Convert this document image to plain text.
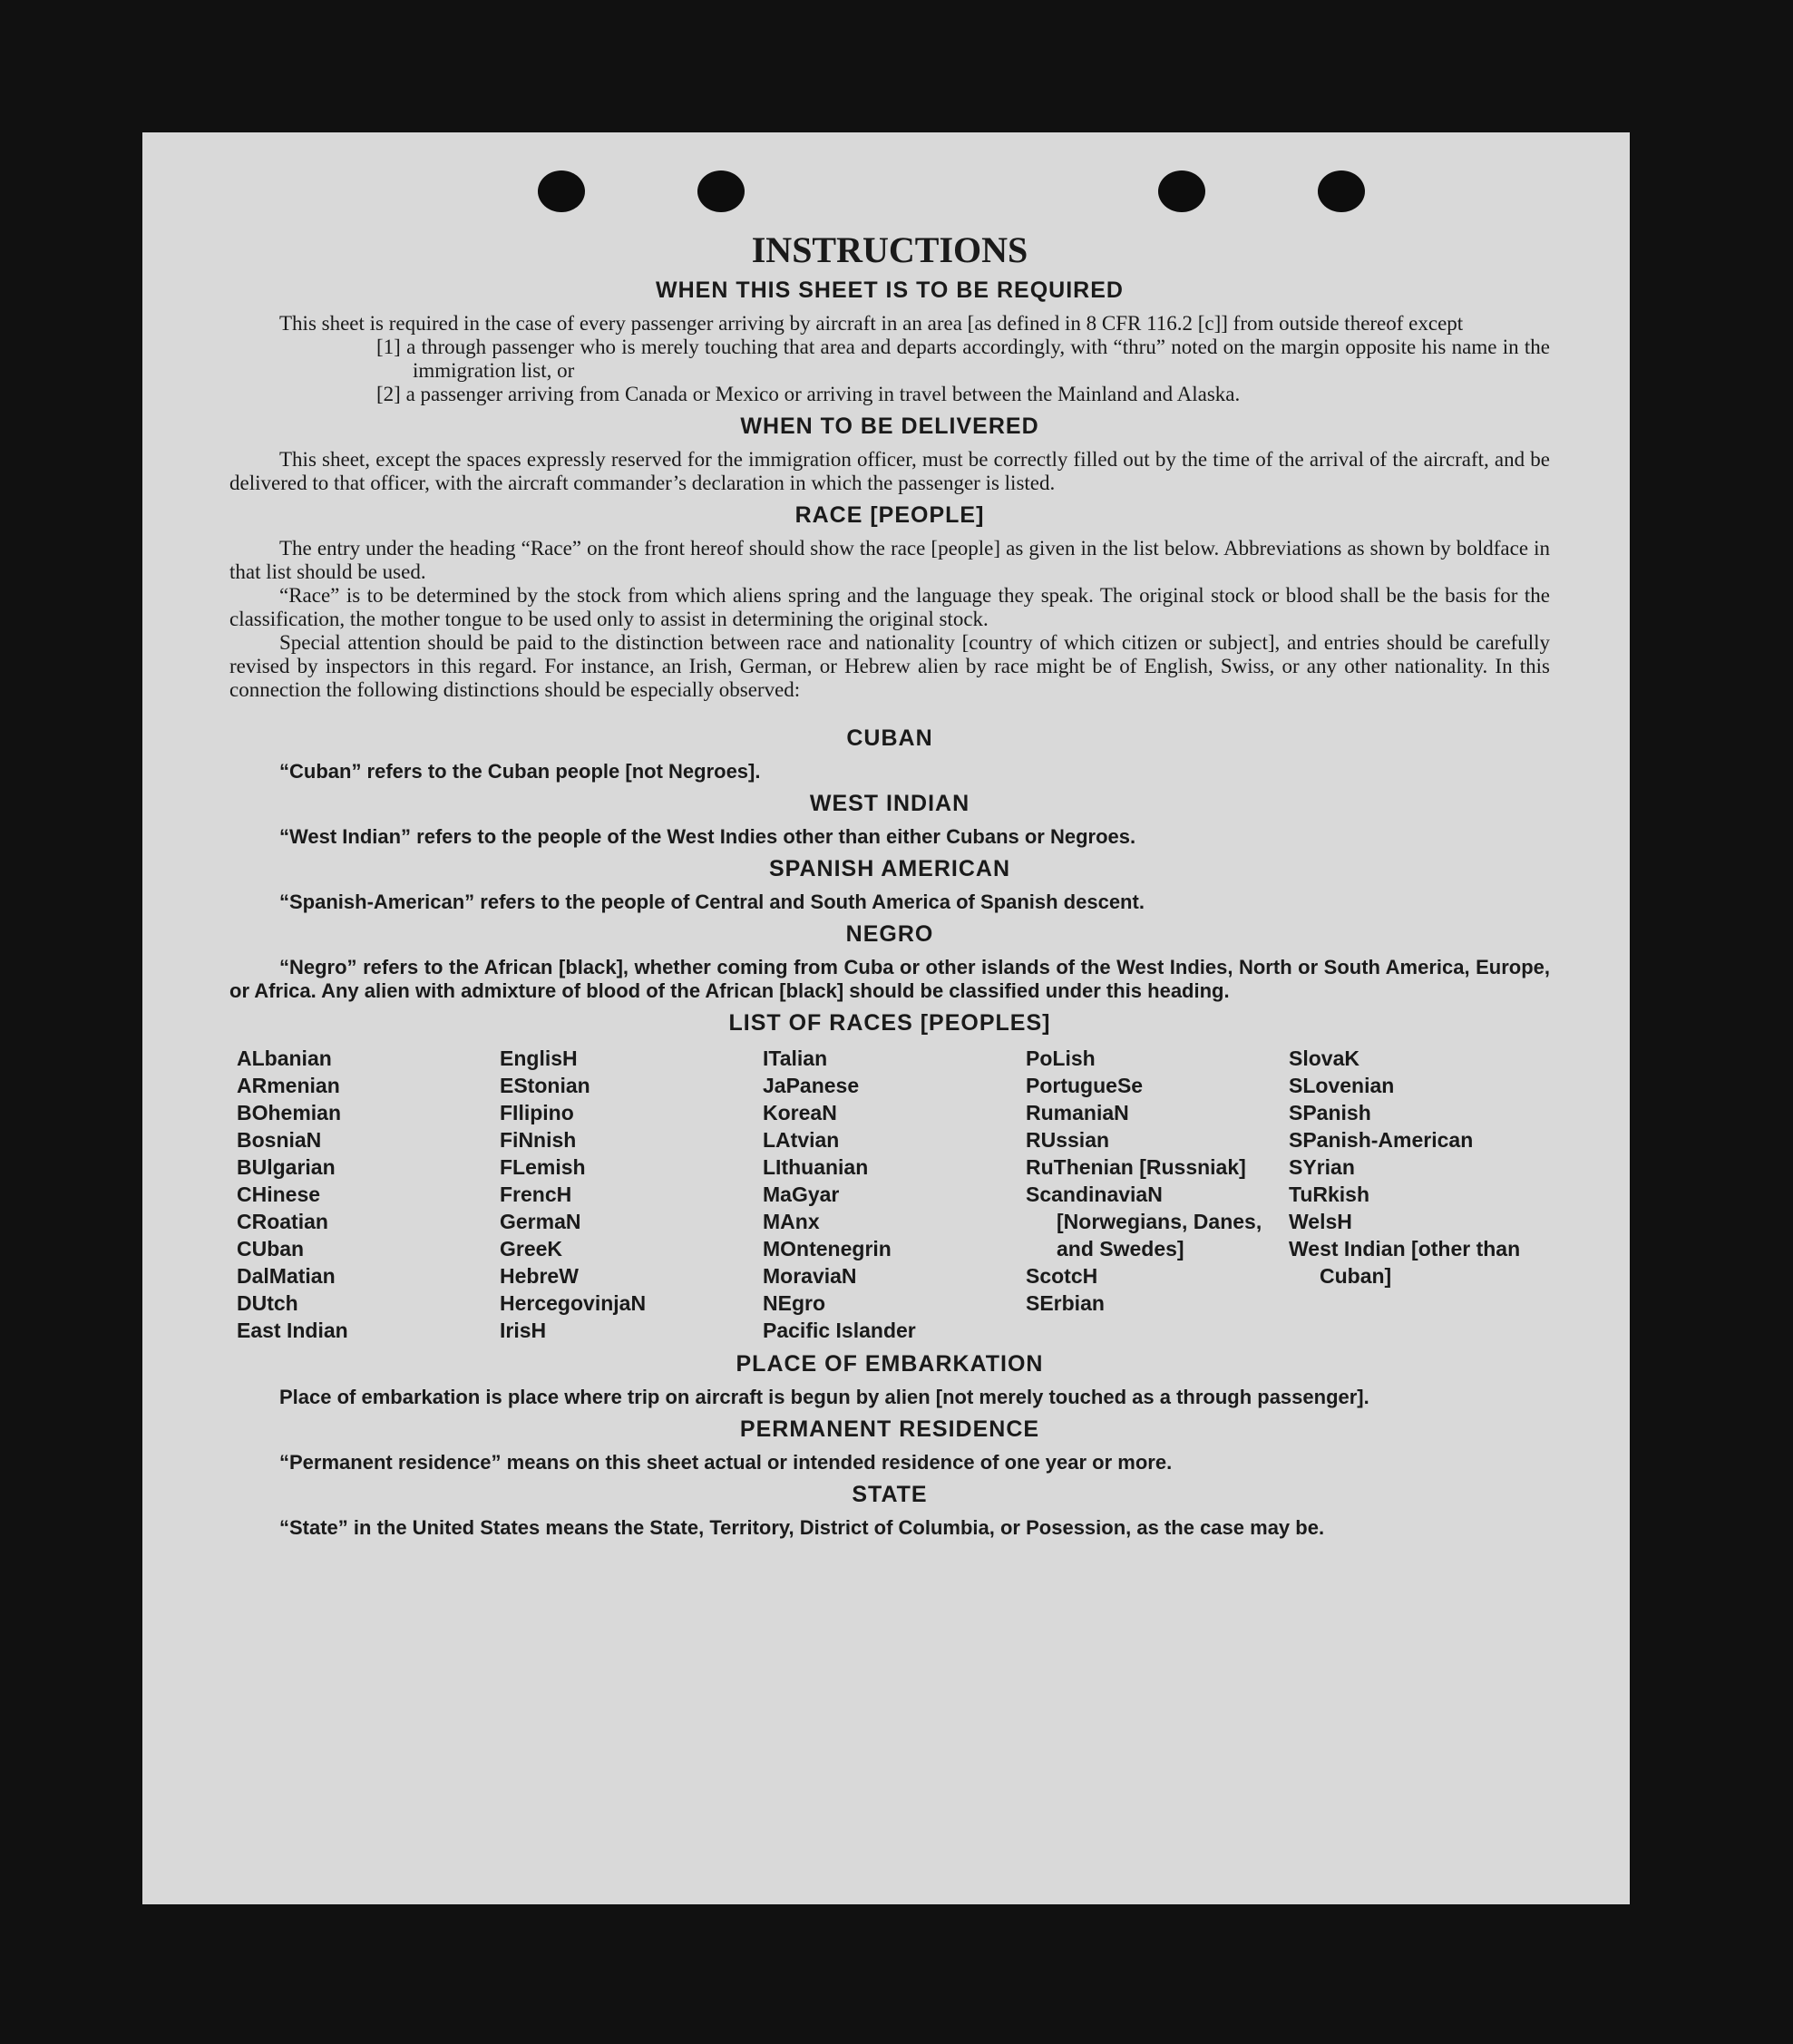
INSTRUCTIONS
WHEN THIS SHEET IS TO BE REQUIRED

This sheet is required in the case of every passenger arriving by aircraft in an area [as defined in 8 CFR 116.2 [c]] from outside thereof except

[1] a through passenger who is merely touching that area and departs accordingly, with “thru” noted on the margin opposite his name in the immigration list, or

[2] a passenger arriving from Canada or Mexico or arriving in travel between the Mainland and Alaska.

WHEN TO BE DELIVERED

This sheet, except the spaces expressly reserved for the immigration officer, must be correctly filled out by the time of the arrival of the aircraft, and be delivered to that officer, with the aircraft commander’s declaration in which the passenger is listed.

RACE [PEOPLE]

The entry under the heading “Race” on the front hereof should show the race [people] as given in the list below. Abbreviations as shown by boldface in that list should be used.

“Race” is to be determined by the stock from which aliens spring and the language they speak. The original stock or blood shall be the basis for the classification, the mother tongue to be used only to assist in determining the original stock.

Special attention should be paid to the distinction between race and nationality [country of which citizen or subject], and entries should be carefully revised by inspectors in this regard. For instance, an Irish, German, or Hebrew alien by race might be of English, Swiss, or any other nationality. In this connection the following distinctions should be especially observed:

CUBAN

“Cuban” refers to the Cuban people [not Negroes].

WEST INDIAN

“West Indian” refers to the people of the West Indies other than either Cubans or Negroes.

SPANISH AMERICAN

“Spanish-American” refers to the people of Central and South America of Spanish descent.

NEGRO

“Negro” refers to the African [black], whether coming from Cuba or other islands of the West Indies, North or South America, Europe, or Africa. Any alien with admixture of blood of the African [black] should be classified under this heading.

LIST OF RACES [PEOPLES]
ALbanian
ARmenian
BOhemian
BosniaN
BUlgarian
CHinese
CRoatian
CUban
DalMatian
DUtch
East Indian
EnglisH
EStonian
FIlipino
FiNnish
FLemish
FrencH
GermaN
GreeK
HebreW
HercegovinjaN
IrisH
ITalian
JaPanese
KoreaN
LAtvian
LIthuanian
MaGyar
MAnx
MOntenegrin
MoraviaN
NEgro
Pacific Islander
PoLish
PortugueSe
RumaniaN
RUssian
RuThenian [Russniak]
ScandinaviaN [Norwegians, Danes, and Swedes]
ScotcH
SErbian
SlovaK
SLovenian
SPanish
SPanish-American
SYrian
TuRkish
WelsH
West Indian [other than Cuban]
PLACE OF EMBARKATION

Place of embarkation is place where trip on aircraft is begun by alien [not merely touched as a through passenger].

PERMANENT RESIDENCE

“Permanent residence” means on this sheet actual or intended residence of one year or more.

STATE

“State” in the United States means the State, Territory, District of Columbia, or Posession, as the case may be.
